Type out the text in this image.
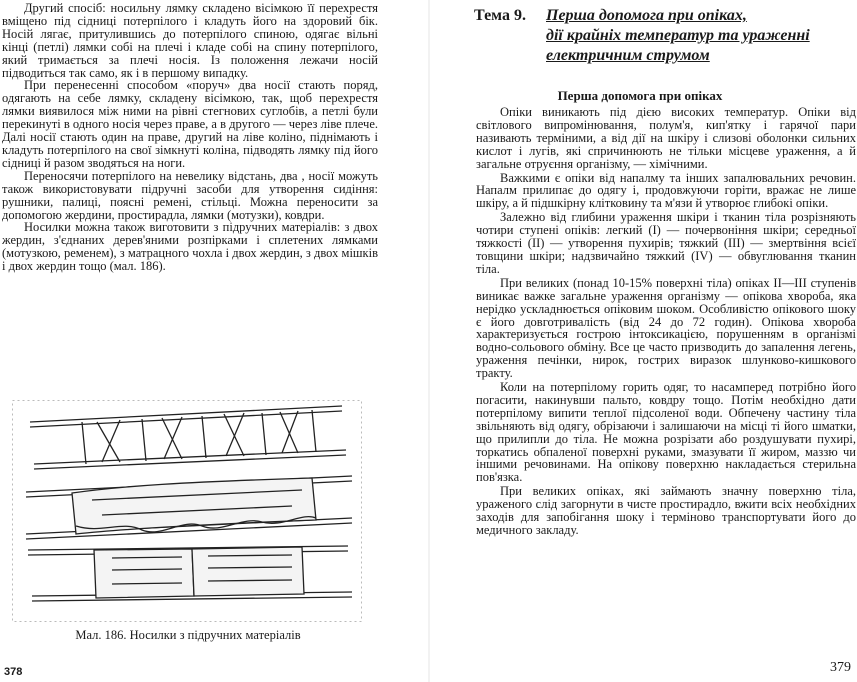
Другий спосіб: носильну лямку складено вісімкою її перехрестя вміщено під сідниці потерпілого і кладуть його на здоровий бік. Носій лягає, притулившись до потерпілого спиною, одягає вільні кінці (петлі) лямки собі на плечі і кладе собі на спину потерпілого, який тримається за плечі носія. Із положення лежачи носій підводиться так само, як і в першому випадку.

При перенесенні способом «поруч» два носії стають поряд, одягають на себе лямку, складену вісімкою, так, щоб перехрестя лямки виявилося між ними на рівні стегнових суглобів, а петлі були перекинуті в одного носія через праве, а в другого — через ліве плече. Далі носії стають один на праве, другий на ліве коліно, піднімають і кладуть потерпілого на свої зімкнуті коліна, підводять лямку під його сідниці й разом зводяться на ноги.

Переносячи потерпілого на невелику відстань, два , носії можуть також використовувати підручні засоби для утворення сидіння: рушники, палиці, поясні ремені, стільці. Можна переносити за допомогою жердини, простирадла, лямки (мотузки), ковдри.

Носилки можна також виготовити з підручних матеріалів: з двох жердин, з'єднаних дерев'яними розпірками і сплетених лямками (мотузкою, ременем), з матрацного чохла і двох жердин, з двох мішків і двох жердин тощо (мал. 186).

Мал. 186. Носилки з підручних матеріалів
378
Тема 9. Перша допомога при опіках,
дії крайніх температур та ураженні
електричним струмом
Перша допомога при опіках

Опіки виникають під дією високих температур. Опіки від світлового випромінювання, полум'я, кип'ятку і гарячої пари називають терміними, а від дії на шкіру і слизові оболонки сильних кислот і лугів, які спричинюють не тільки місцеве ураження, а й загальне отруєння організму, — хімічними.

Важкими є опіки від напалму та інших запалювальних речовин. Напалм прилипає до одягу і, продовжуючи горіти, вражає не лише шкіру, а й підшкірну клітковину та м'язи й утворює глибокі опіки.

Залежно від глибини ураження шкіри і тканин тіла розрізняють чотири ступені опіків: легкий (І) — почервоніння шкіри; середньої тяжкості (ІІ) — утворення пухирів; тяжкий (ІІІ) — змертвіння всієї товщини шкіри; надзвичайно тяжкий (IV) — обвуглювання тканин тіла.

При великих (понад 10-15% поверхні тіла) опіках ІІ—ІІІ ступенів виникає важке загальне ураження організму — опікова хвороба, яка нерідко ускладнюється опіковим шоком. Особливістю опікового шоку є його довготривалість (від 24 до 72 годин). Опікова хвороба характеризується гострою інтоксикацією, порушенням в організмі водно-сольового обміну. Все це часто призводить до запалення легень, ураження печінки, нирок, гострих виразок шлунково-кишкового тракту.

Коли на потерпілому горить одяг, то насамперед потрібно його погасити, накинувши пальто, ковдру тощо. Потім необхідно дати потерпілому випити теплої підсоленої води. Обпечену частину тіла звільняють від одягу, обрізаючи і залишаючи на місці ті його шматки, що прилипли до тіла. Не можна розрізати або роздушувати пухирі, торкатись обпаленої поверхні руками, змазувати її жиром, маззю чи іншими речовинами. На опікову поверхню накладається стерильна пов'язка.

При великих опіках, які займають значну поверхню тіла, ураженого слід загорнути в чисте простирадло, вжити всіх необхідних заходів для запобігання шоку і терміново транспортувати його до медичного закладу.

379
